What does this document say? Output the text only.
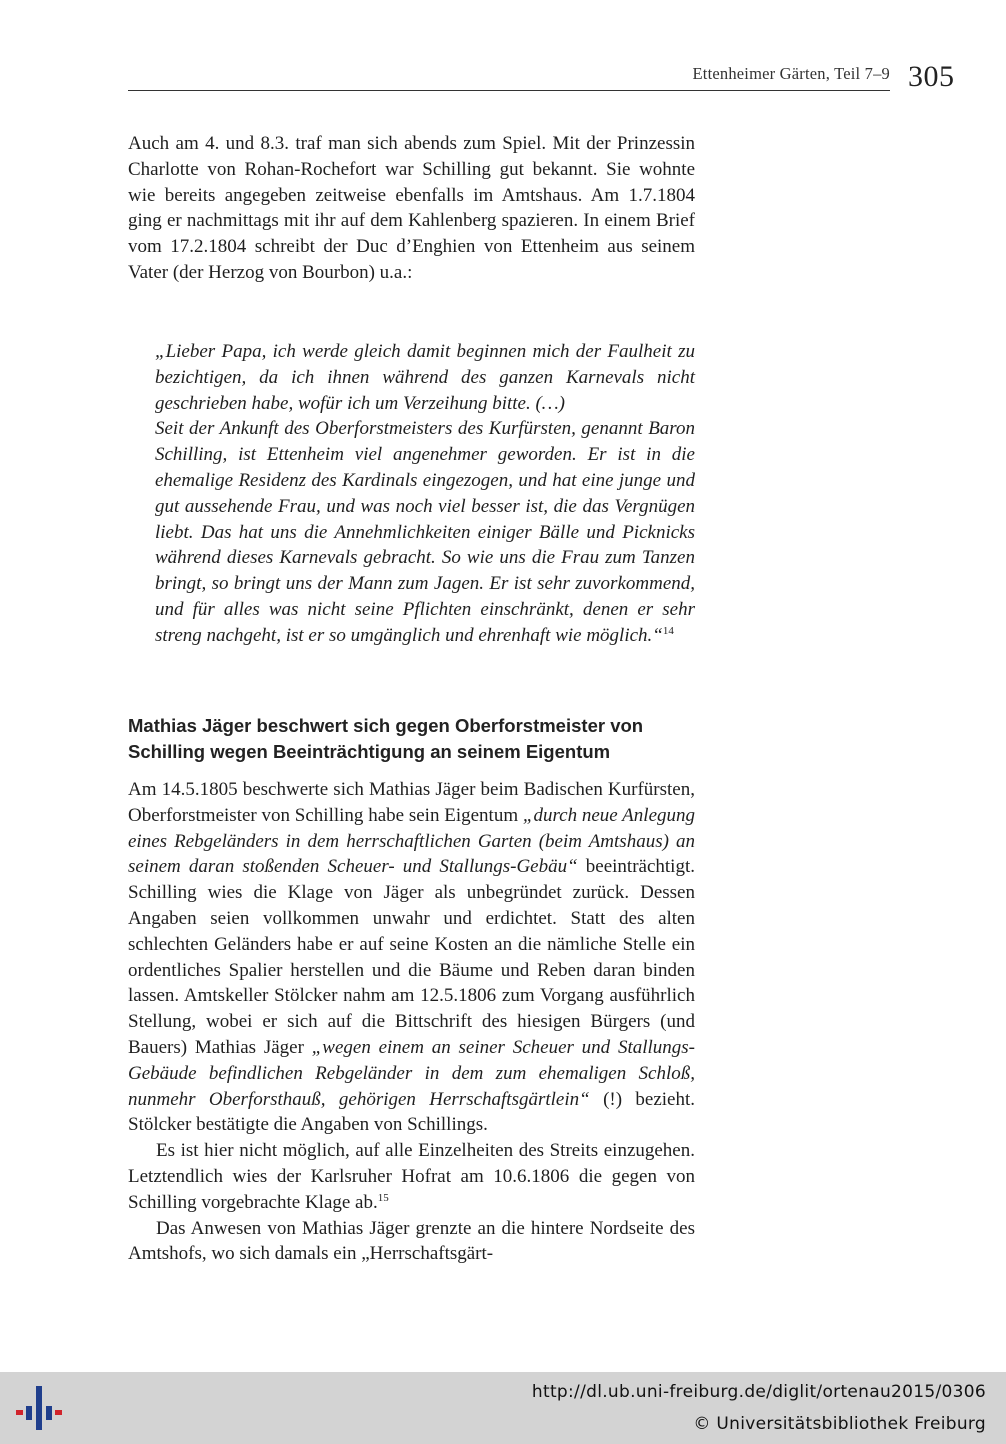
Ettenheimer Gärten, Teil 7–9 305

Auch am 4. und 8.3. traf man sich abends zum Spiel. Mit der Prinzessin Charlotte von Rohan-Rochefort war Schilling gut bekannt. Sie wohnte wie bereits angegeben zeitweise ebenfalls im Amtshaus. Am 1.7.1804 ging er nachmittags mit ihr auf dem Kahlenberg spazieren. In einem Brief vom 17.2.1804 schreibt der Duc d’Enghien von Ettenheim aus seinem Vater (der Herzog von Bourbon) u.a.:

„Lieber Papa, ich werde gleich damit beginnen mich der Faulheit zu bezichtigen, da ich ihnen während des ganzen Karnevals nicht geschrieben habe, wofür ich um Verzeihung bitte. (…)

Seit der Ankunft des Oberforstmeisters des Kurfürsten, genannt Baron Schilling, ist Ettenheim viel angenehmer geworden. Er ist in die ehemalige Residenz des Kardinals eingezogen, und hat eine junge und gut aussehende Frau, und was noch viel besser ist, die das Vergnügen liebt. Das hat uns die Annehmlichkeiten einiger Bälle und Picknicks während dieses Karnevals gebracht. So wie uns die Frau zum Tanzen bringt, so bringt uns der Mann zum Jagen. Er ist sehr zuvorkommend, und für alles was nicht seine Pflichten einschränkt, denen er sehr streng nachgeht, ist er so umgänglich und ehrenhaft wie möglich.“$^{14}$

Mathias Jäger beschwert sich gegen Oberforstmeister von Schilling wegen Beeinträchtigung an seinem Eigentum

Am 14.5.1805 beschwerte sich Mathias Jäger beim Badischen Kurfürsten, Oberforstmeister von Schilling habe sein Eigentum „durch neue Anlegung eines Rebgeländers in dem herrschaftlichen Garten (beim Amtshaus) an seinem daran stoßenden Scheuer- und Stallungs-Gebäu“ beeinträchtigt. Schilling wies die Klage von Jäger als unbegründet zurück. Dessen Angaben seien vollkommen unwahr und erdichtet. Statt des alten schlechten Geländers habe er auf seine Kosten an die nämliche Stelle ein ordentliches Spalier herstellen und die Bäume und Reben daran binden lassen. Amtskeller Stölcker nahm am 12.5.1806 zum Vorgang ausführlich Stellung, wobei er sich auf die Bittschrift des hiesigen Bürgers (und Bauers) Mathias Jäger „wegen einem an seiner Scheuer und Stallungs-Gebäude befindlichen Rebgeländer in dem zum ehemaligen Schloß, nunmehr Oberforsthauß, gehörigen Herrschaftsgärtlein“ (!) bezieht. Stölcker bestätigte die Angaben von Schillings.

Es ist hier nicht möglich, auf alle Einzelheiten des Streits einzugehen. Letztendlich wies der Karlsruher Hofrat am 10.6.1806 die gegen von Schilling vorgebrachte Klage ab.$^{15}$

Das Anwesen von Mathias Jäger grenzte an die hintere Nordseite des Amtshofs, wo sich damals ein „Herrschaftsgärt-

http://dl.ub.uni-freiburg.de/diglit/ortenau2015/0306
© Universitätsbibliothek Freiburg
